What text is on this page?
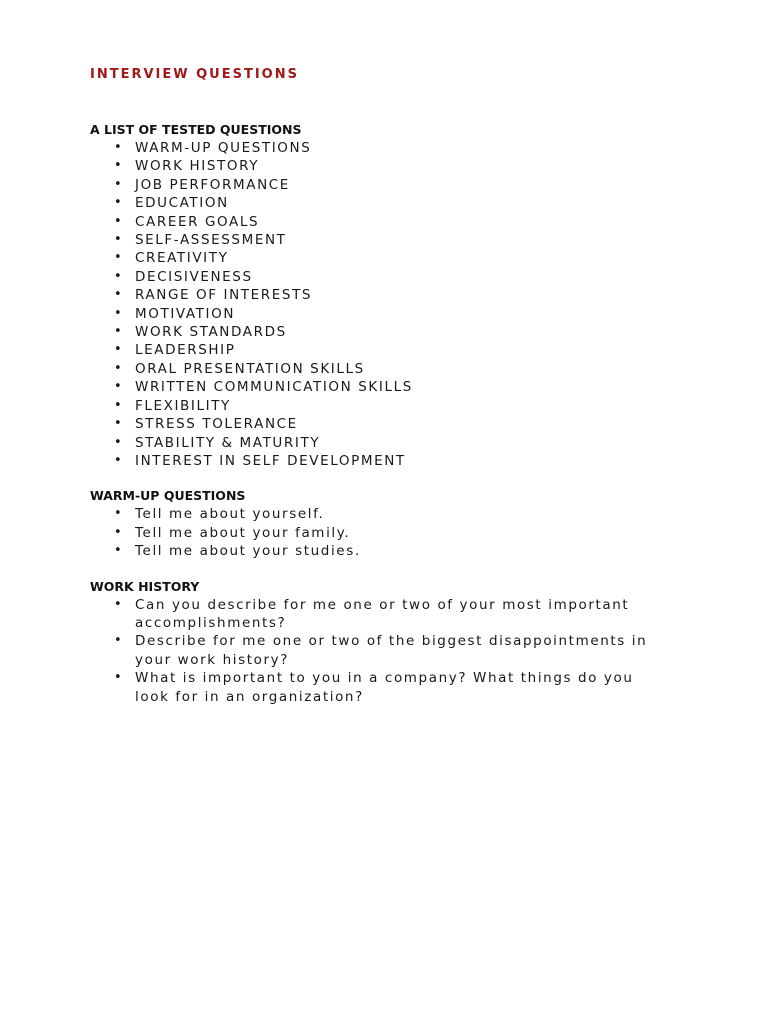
INTERVIEW QUESTIONS
A LIST OF TESTED QUESTIONS
• WARM-UP QUESTIONS
• WORK HISTORY
• JOB PERFORMANCE
• EDUCATION
• CAREER GOALS
• SELF-ASSESSMENT
• CREATIVITY
• DECISIVENESS
• RANGE OF INTERESTS
• MOTIVATION
• WORK STANDARDS
• LEADERSHIP
• ORAL PRESENTATION SKILLS
• WRITTEN COMMUNICATION SKILLS
• FLEXIBILITY
• STRESS TOLERANCE
• STABILITY & MATURITY
• INTEREST IN SELF DEVELOPMENT
WARM-UP QUESTIONS
• Tell me about yourself.
• Tell me about your family.
• Tell me about your studies.
WORK HISTORY
• Can you describe for me one or two of your most important accomplishments?
• Describe for me one or two of the biggest disappointments in your work history?
• What is important to you in a company? What things do you look for in an organization?
